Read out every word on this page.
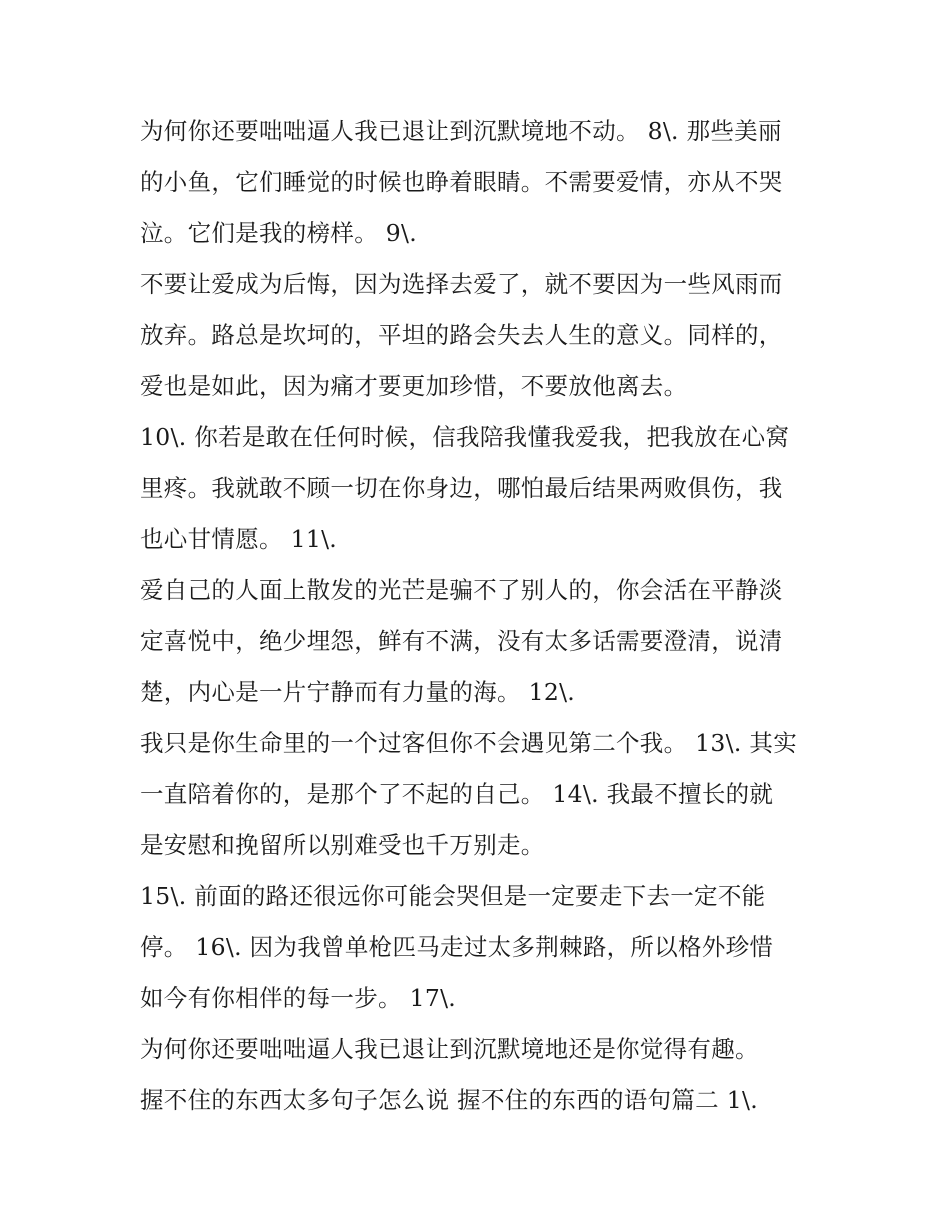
为何你还要咄咄逼人我已退让到沉默境地不动。 8\. 那些美丽
的小鱼，它们睡觉的时候也睁着眼睛。不需要爱情，亦从不哭
泣。它们是我的榜样。 9\.

不要让爱成为后悔，因为选择去爱了，就不要因为一些风雨而
放弃。路总是坎坷的，平坦的路会失去人生的意义。同样的，
爱也是如此，因为痛才要更加珍惜，不要放他离去。

10\. 你若是敢在任何时候，信我陪我懂我爱我，把我放在心窝
里疼。我就敢不顾一切在你身边，哪怕最后结果两败俱伤，我
也心甘情愿。 11\.

爱自己的人面上散发的光芒是骗不了别人的，你会活在平静淡
定喜悦中，绝少埋怨，鲜有不满，没有太多话需要澄清，说清
楚，内心是一片宁静而有力量的海。 12\.

我只是你生命里的一个过客但你不会遇见第二个我。 13\. 其实
一直陪着你的，是那个了不起的自己。 14\. 我最不擅长的就
是安慰和挽留所以别难受也千万别走。

15\. 前面的路还很远你可能会哭但是一定要走下去一定不能
停。 16\. 因为我曾单枪匹马走过太多荆棘路，所以格外珍惜
如今有你相伴的每一步。 17\.

为何你还要咄咄逼人我已退让到沉默境地还是你觉得有趣。

握不住的东西太多句子怎么说 握不住的东西的语句篇二 1\.
